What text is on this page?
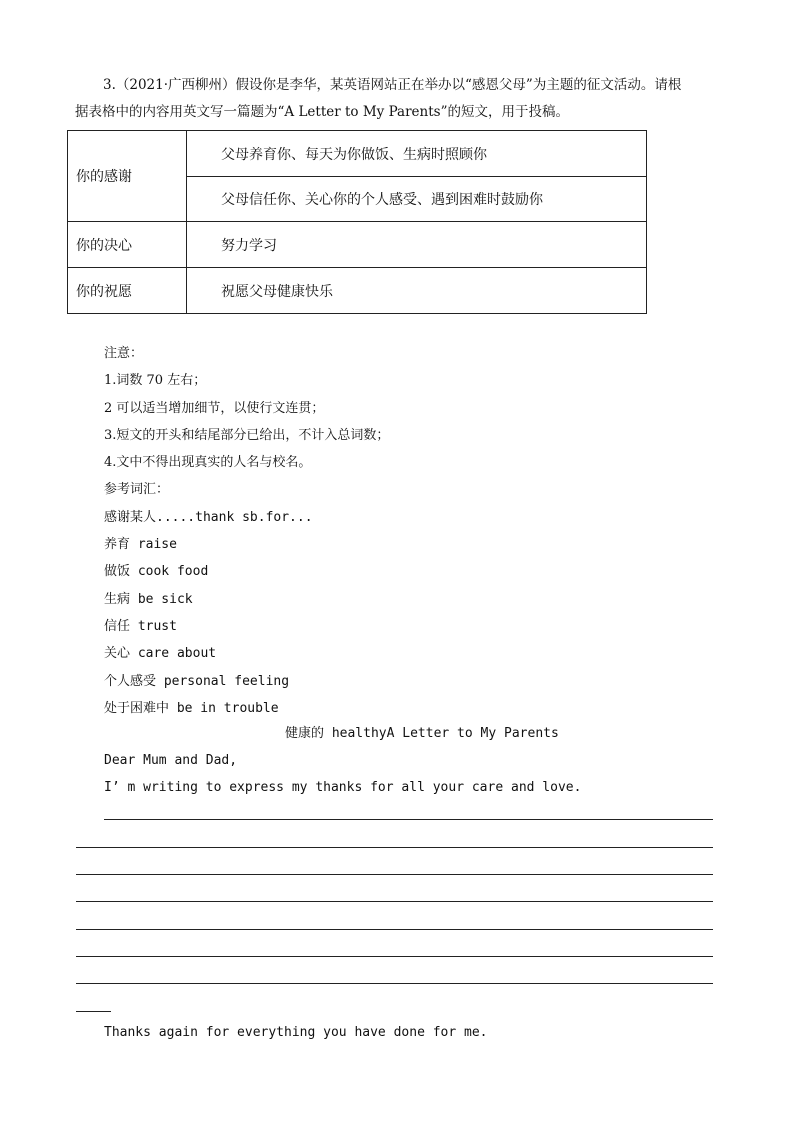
3.（2021·广西柳州）假设你是李华，某英语网站正在举办以“感恩父母”为主题的征文活动。请根

据表格中的内容用英文写一篇题为“A Letter to My Parents”的短文，用于投稿。

你的感谢	父母养育你、每天为你做饭、生病时照顾你
	父母信任你、关心你的个人感受、遇到困难时鼓励你
你的决心	努力学习
你的祝愿	祝愿父母健康快乐
注意：
1.词数 70 左右；
2 可以适当增加细节，以使行文连贯；
3.短文的开头和结尾部分已给出，不计入总词数；
4.文中不得出现真实的人名与校名。
参考词汇：
感谢某人.....thank sb.for...
养育 raise
做饭 cook food
生病 be sick
信任 trust
关心 care about
个人感受 personal feeling
处于困难中 be in trouble
健康的 healthyA Letter to My Parents
Dear Mum and Dad,
I’ m writing to express my thanks for all your care and love.
Thanks again for everything you have done for me.
